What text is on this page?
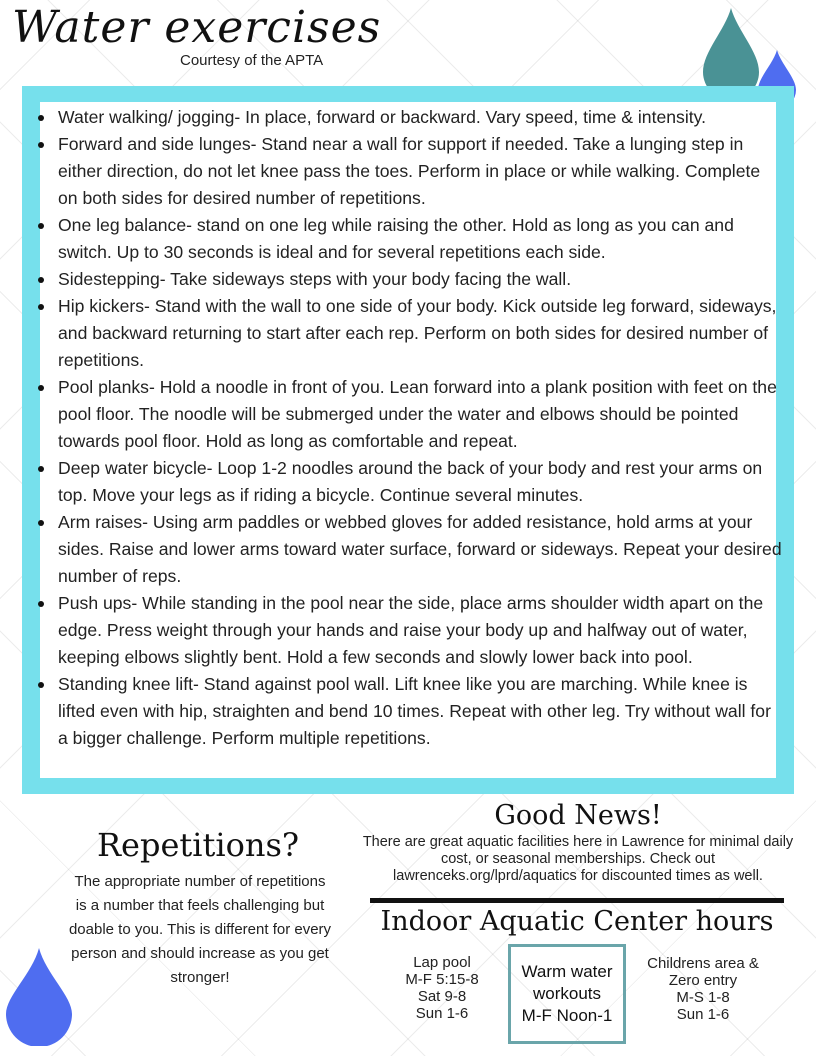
Water exercises
Courtesy of the APTA
Water walking/ jogging- In place, forward or backward. Vary speed, time & intensity.
Forward and side lunges- Stand near a wall for support if needed. Take a lunging step in either direction, do not let knee pass the toes. Perform in place or while walking. Complete on both sides for desired number of repetitions.
One leg balance- stand on one leg while raising the other. Hold as long as you can and switch. Up to 30 seconds is ideal and for several repetitions each side.
Sidestepping- Take sideways steps with your body facing the wall.
Hip kickers- Stand with the wall to one side of your body. Kick outside leg forward, sideways, and backward returning to start after each rep. Perform on both sides for desired number of repetitions.
Pool planks- Hold a noodle in front of you. Lean forward into a plank position with feet on the pool floor. The noodle will be submerged under the water and elbows should be pointed towards pool floor. Hold as long as comfortable and repeat.
Deep water bicycle- Loop 1-2 noodles around the back of your body and rest your arms on top. Move your legs as if riding a bicycle. Continue several minutes.
Arm raises- Using arm paddles or webbed gloves for added resistance, hold arms at your sides. Raise and lower arms toward water surface, forward or sideways. Repeat your desired number of reps.
Push ups- While standing in the pool near the side, place arms shoulder width apart on the edge. Press weight through your hands and raise your body up and halfway out of water, keeping elbows slightly bent. Hold a few seconds and slowly lower back into pool.
Standing knee lift- Stand against pool wall. Lift knee like you are marching. While knee is lifted even with hip, straighten and bend 10 times. Repeat with other leg. Try without wall for a bigger challenge. Perform multiple repetitions.
Repetitions?

The appropriate number of repetitions is a number that feels challenging but doable to you. This is different for every person and should increase as you get stronger!

Good News!

There are great aquatic facilities here in Lawrence for minimal daily cost, or seasonal memberships. Check out lawrenceks.org/lprd/aquatics for discounted times as well.

Indoor Aquatic Center hours
Lap pool
M-F 5:15-8
Sat 9-8
Sun 1-6
Warm water
workouts
M-F Noon-1
Childrens area &
Zero entry
M-S 1-8
Sun 1-6
